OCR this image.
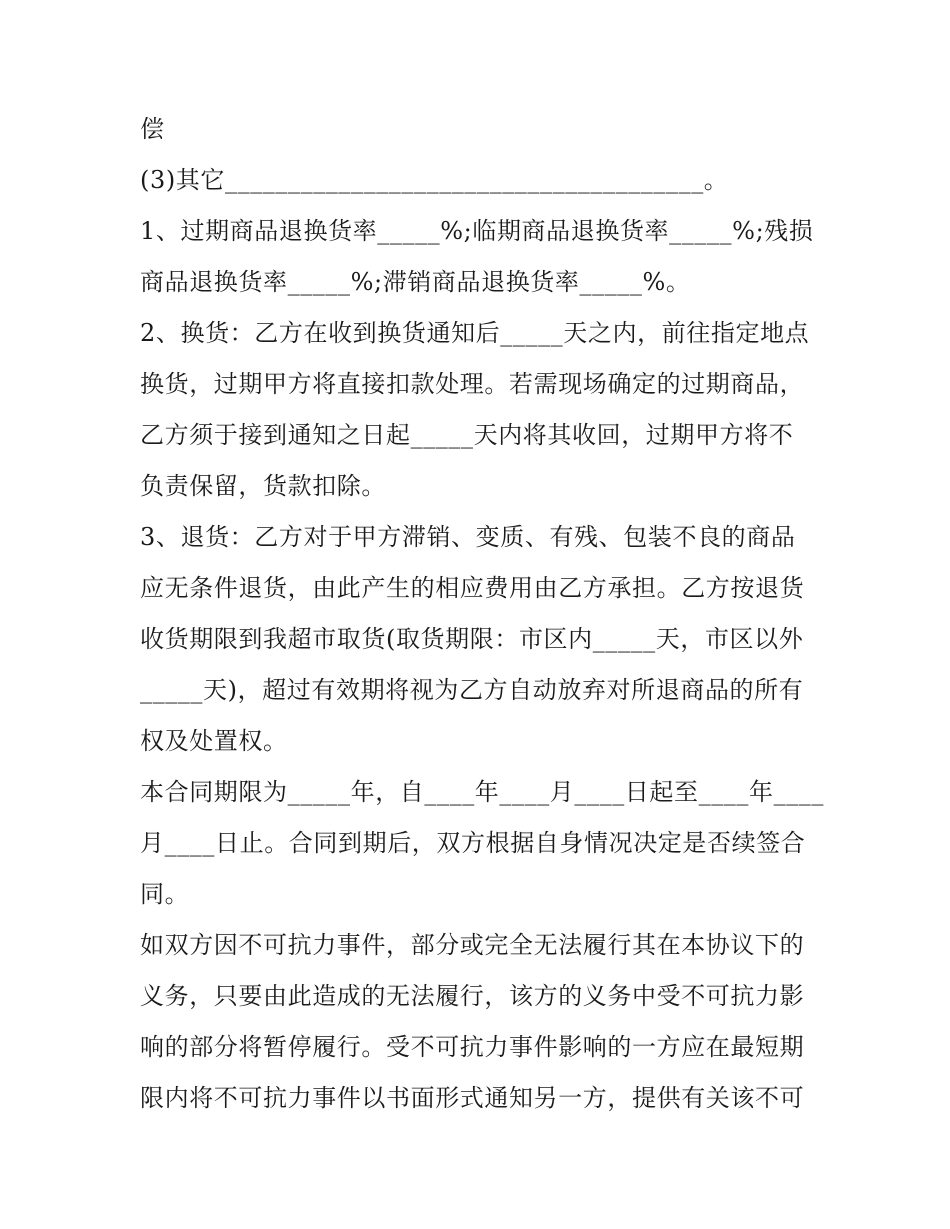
偿
(3)其它______________________________________。
1、过期商品退换货率_____%;临期商品退换货率_____%;残损
商品退换货率_____%;滞销商品退换货率_____%。
2、换货：乙方在收到换货通知后_____天之内，前往指定地点
换货，过期甲方将直接扣款处理。若需现场确定的过期商品，
乙方须于接到通知之日起_____天内将其收回，过期甲方将不
负责保留，货款扣除。
3、退货：乙方对于甲方滞销、变质、有残、包装不良的商品
应无条件退货，由此产生的相应费用由乙方承担。乙方按退货
收货期限到我超市取货(取货期限：市区内_____天，市区以外
_____天)，超过有效期将视为乙方自动放弃对所退商品的所有
权及处置权。
本合同期限为_____年，自____年____月____日起至____年____
月____日止。合同到期后，双方根据自身情况决定是否续签合
同。
如双方因不可抗力事件，部分或完全无法履行其在本协议下的
义务，只要由此造成的无法履行，该方的义务中受不可抗力影
响的部分将暂停履行。受不可抗力事件影响的一方应在最短期
限内将不可抗力事件以书面形式通知另一方，提供有关该不可
